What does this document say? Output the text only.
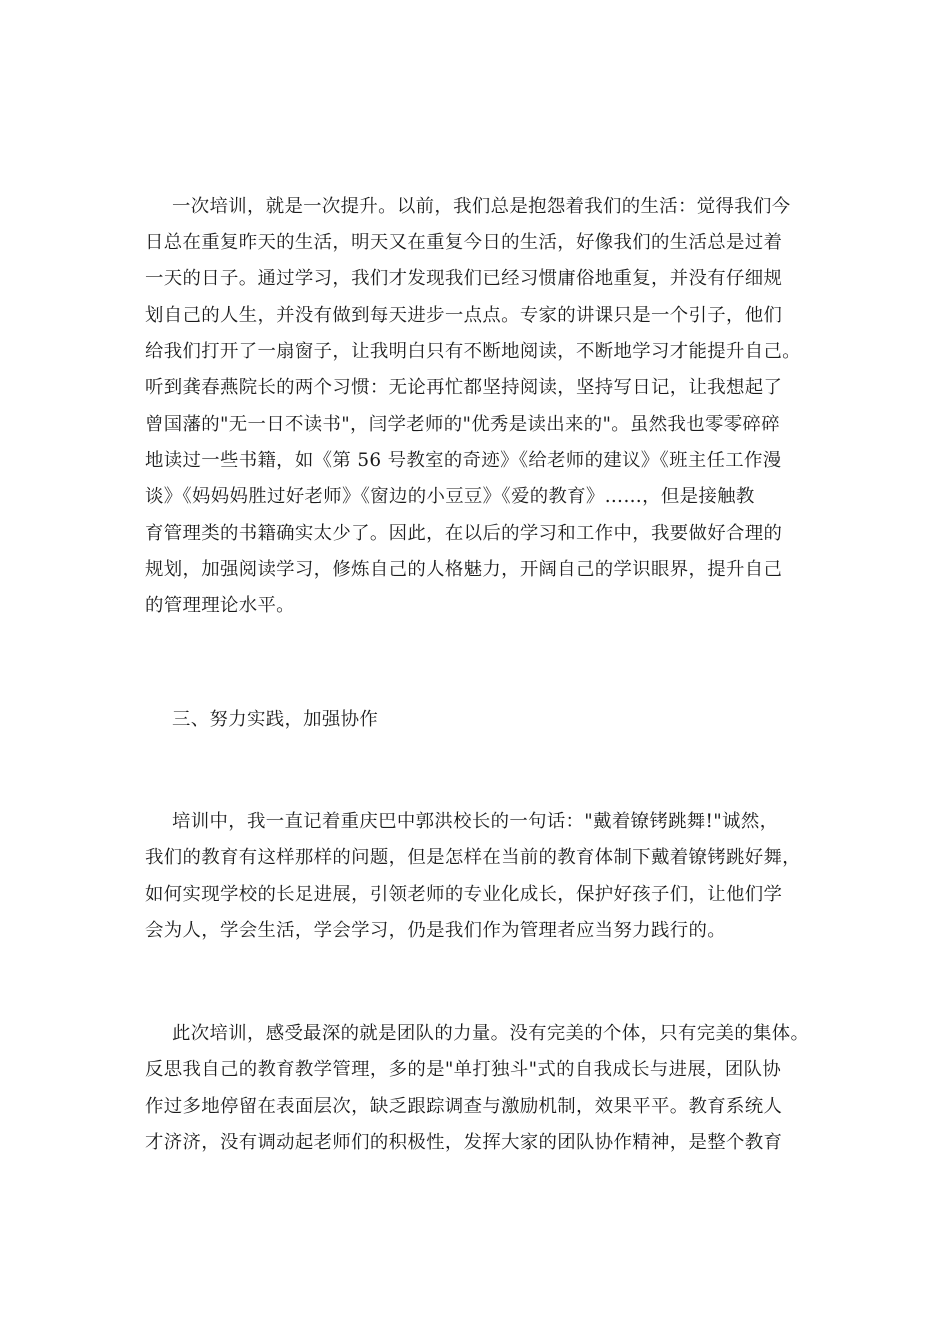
一次培训，就是一次提升。以前，我们总是抱怨着我们的生活：觉得我们今
日总在重复昨天的生活，明天又在重复今日的生活，好像我们的生活总是过着
一天的日子。通过学习，我们才发现我们已经习惯庸俗地重复，并没有仔细规
划自己的人生，并没有做到每天进步一点点。专家的讲课只是一个引子，他们
给我们打开了一扇窗子，让我明白只有不断地阅读，不断地学习才能提升自己。
听到龚春燕院长的两个习惯：无论再忙都坚持阅读，坚持写日记，让我想起了
曾国藩的"无一日不读书"，闫学老师的"优秀是读出来的"。虽然我也零零碎碎
地读过一些书籍，如《第 56 号教室的奇迹》《给老师的建议》《班主任工作漫
谈》《妈妈妈胜过好老师》《窗边的小豆豆》《爱的教育》……，但是接触教
育管理类的书籍确实太少了。因此，在以后的学习和工作中，我要做好合理的
规划，加强阅读学习，修炼自己的人格魅力，开阔自己的学识眼界，提升自己
的管理理论水平。
三、努力实践，加强协作
培训中，我一直记着重庆巴中郭洪校长的一句话："戴着镣铐跳舞!"诚然，
我们的教育有这样那样的问题，但是怎样在当前的教育体制下戴着镣铐跳好舞，
如何实现学校的长足进展，引领老师的专业化成长，保护好孩子们，让他们学
会为人，学会生活，学会学习，仍是我们作为管理者应当努力践行的。
此次培训，感受最深的就是团队的力量。没有完美的个体，只有完美的集体。
反思我自己的教育教学管理，多的是"单打独斗"式的自我成长与进展，团队协
作过多地停留在表面层次，缺乏跟踪调查与激励机制，效果平平。教育系统人
才济济，没有调动起老师们的积极性，发挥大家的团队协作精神，是整个教育
